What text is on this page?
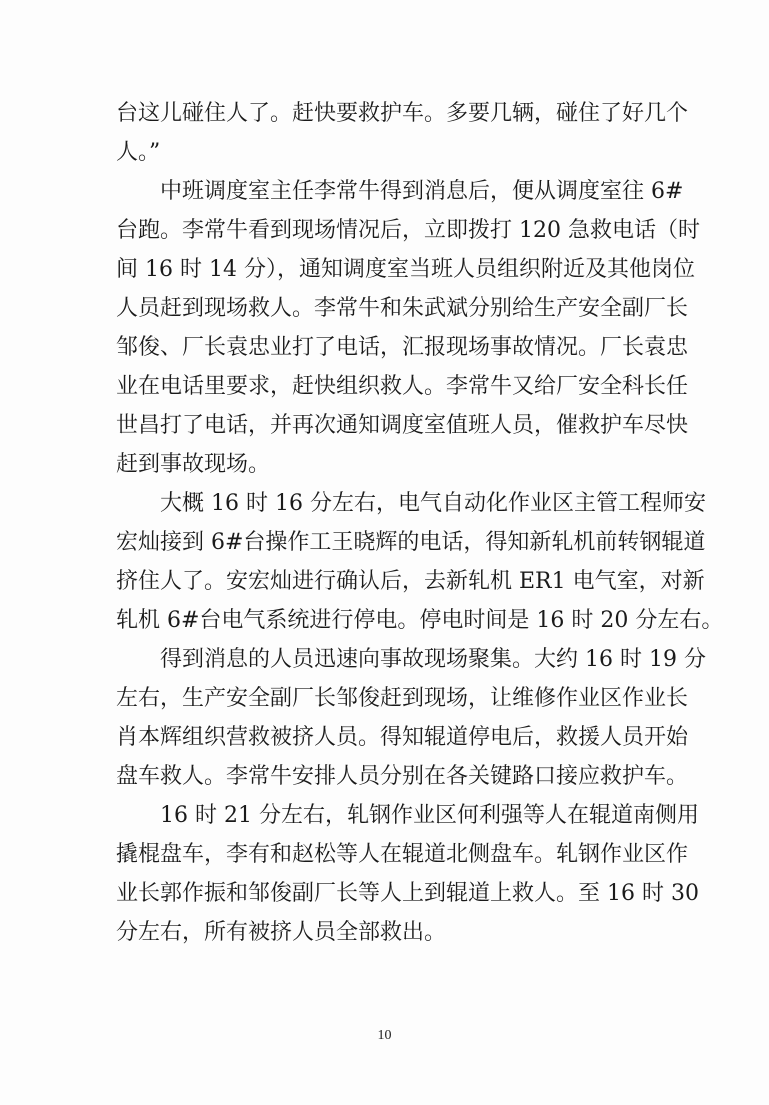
台这儿碰住人了。赶快要救护车。多要几辆，碰住了好几个
人。”
　　中班调度室主任李常牛得到消息后，便从调度室往 6#
台跑。李常牛看到现场情况后，立即拨打 120 急救电话（时
间 16 时 14 分），通知调度室当班人员组织附近及其他岗位
人员赶到现场救人。李常牛和朱武斌分别给生产安全副厂长
邹俊、厂长袁忠业打了电话，汇报现场事故情况。厂长袁忠
业在电话里要求，赶快组织救人。李常牛又给厂安全科长任
世昌打了电话，并再次通知调度室值班人员，催救护车尽快
赶到事故现场。
　　大概 16 时 16 分左右，电气自动化作业区主管工程师安
宏灿接到 6#台操作工王晓辉的电话，得知新轧机前转钢辊道
挤住人了。安宏灿进行确认后，去新轧机 ER1 电气室，对新
轧机 6#台电气系统进行停电。停电时间是 16 时 20 分左右。
　　得到消息的人员迅速向事故现场聚集。大约 16 时 19 分
左右，生产安全副厂长邹俊赶到现场，让维修作业区作业长
肖本辉组织营救被挤人员。得知辊道停电后，救援人员开始
盘车救人。李常牛安排人员分别在各关键路口接应救护车。
　　16 时 21 分左右，轧钢作业区何利强等人在辊道南侧用
撬棍盘车，李有和赵松等人在辊道北侧盘车。轧钢作业区作
业长郭作振和邹俊副厂长等人上到辊道上救人。至 16 时 30
分左右，所有被挤人员全部救出。
10
